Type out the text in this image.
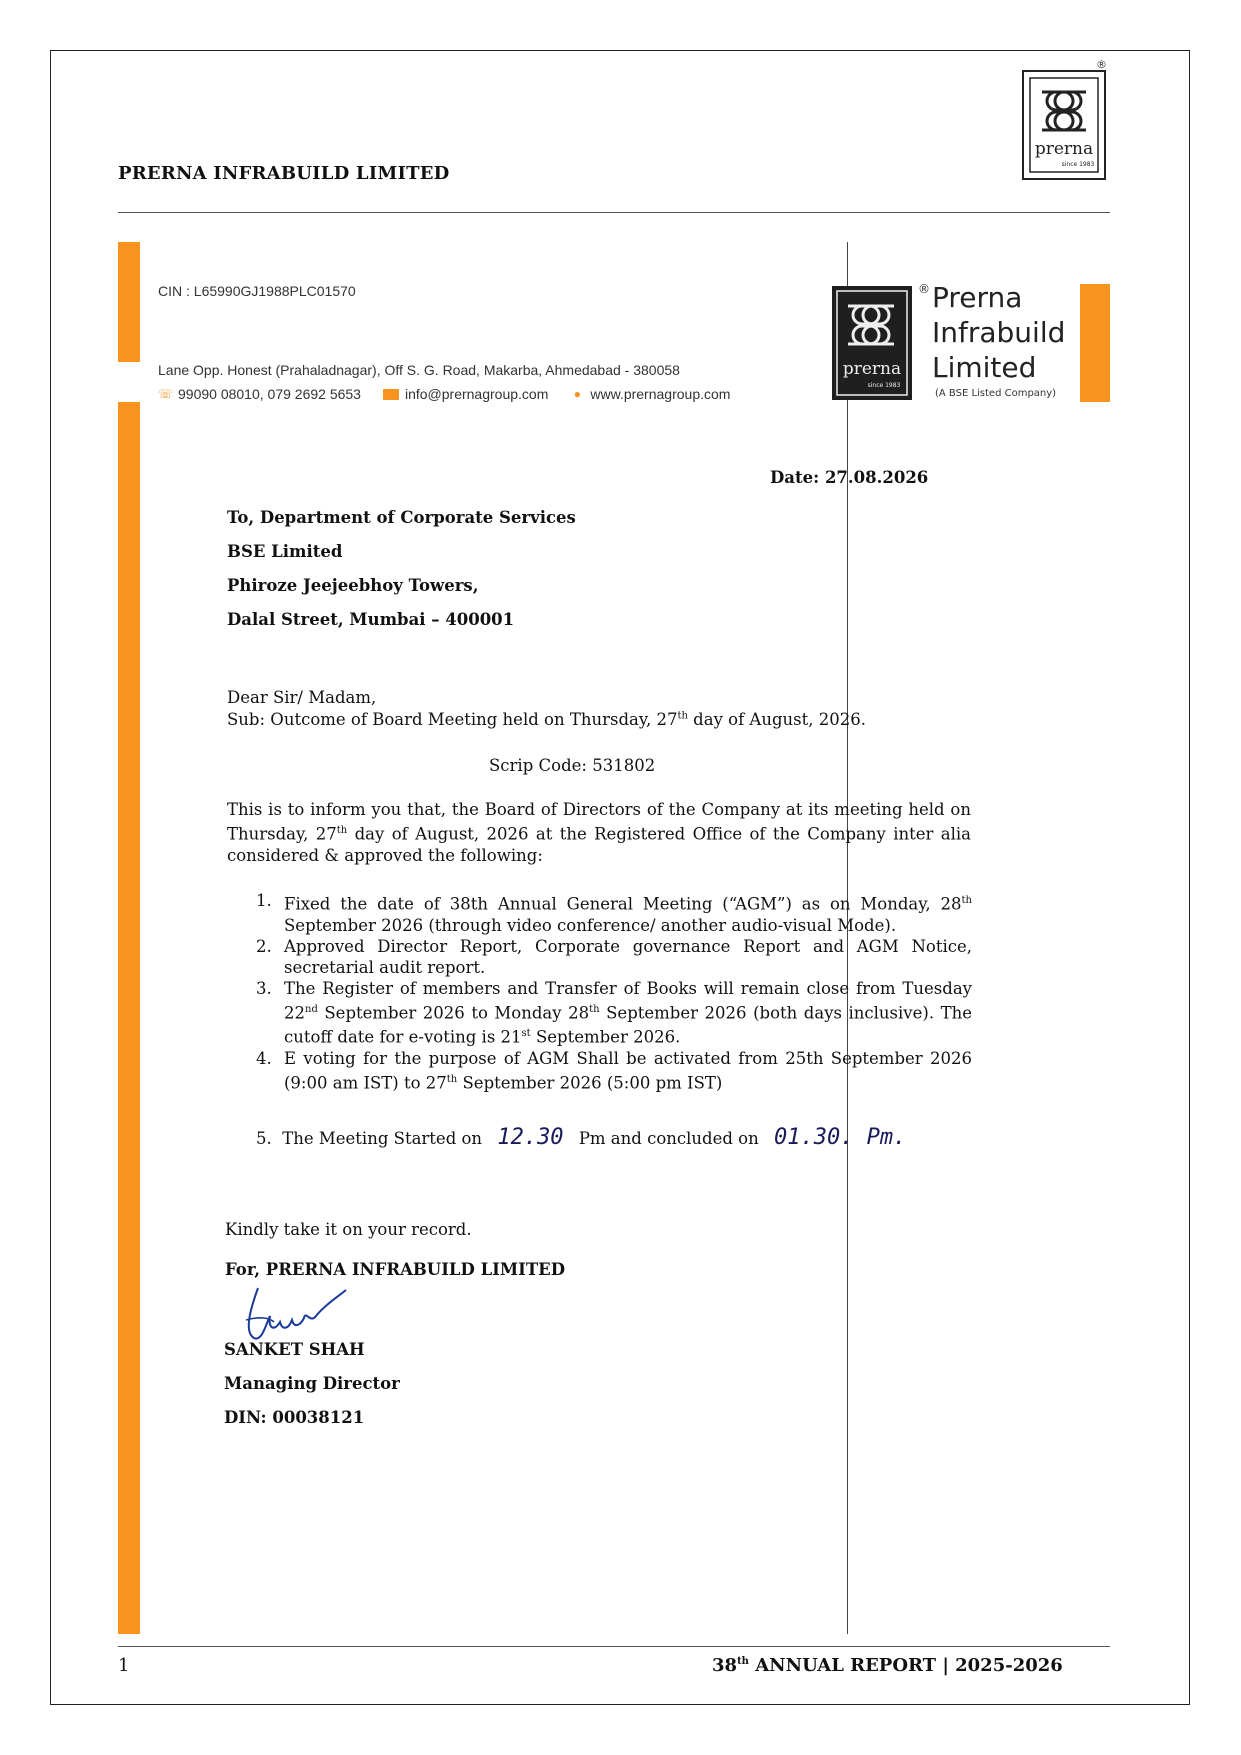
PRERNA INFRABUILD LIMITED
®
prerna
since 1983
CIN : L65990GJ1988PLC01570
Lane Opp. Honest (Prahaladnagar), Off S. G. Road, Makarba, Ahmedabad - 380058
☏ 99090 08010, 079 2692 5653	info@prernagroup.com ● www.prernagroup.com
prerna
since 1983
® Prerna
Infrabuild
Limited
(A BSE Listed Company)
Date: 27.08.2026
To, Department of Corporate Services
BSE Limited
Phiroze Jeejeebhoy Towers,
Dalal Street, Mumbai – 400001
Dear Sir/ Madam,
Sub: Outcome of Board Meeting held on Thursday, 27th day of August, 2026.
Scrip Code: 531802
This is to inform you that, the Board of Directors of the Company at its meeting held on Thursday, 27th day of August, 2026 at the Registered Office of the Company inter alia considered & approved the following:
1. Fixed the date of 38th Annual General Meeting (“AGM”) as on Monday, 28th September 2026 (through video conference/ another audio-visual Mode).
2. Approved Director Report, Corporate governance Report and AGM Notice, secretarial audit report.
3. The Register of members and Transfer of Books will remain close from Tuesday 22nd September 2026 to Monday 28th September 2026 (both days inclusive). The cutoff date for e-voting is 21st September 2026.
4. E voting for the purpose of AGM Shall be activated from 25th September 2026 (9:00 am IST) to 27th September 2026 (5:00 pm IST)
5.  The Meeting Started on 12.30 Pm and concluded on 01.30. Pm.
Kindly take it on your record.
For, PRERNA INFRABUILD LIMITED
SANKET SHAH
Managing Director
DIN: 00038121
1	38th ANNUAL REPORT | 2025-2026
